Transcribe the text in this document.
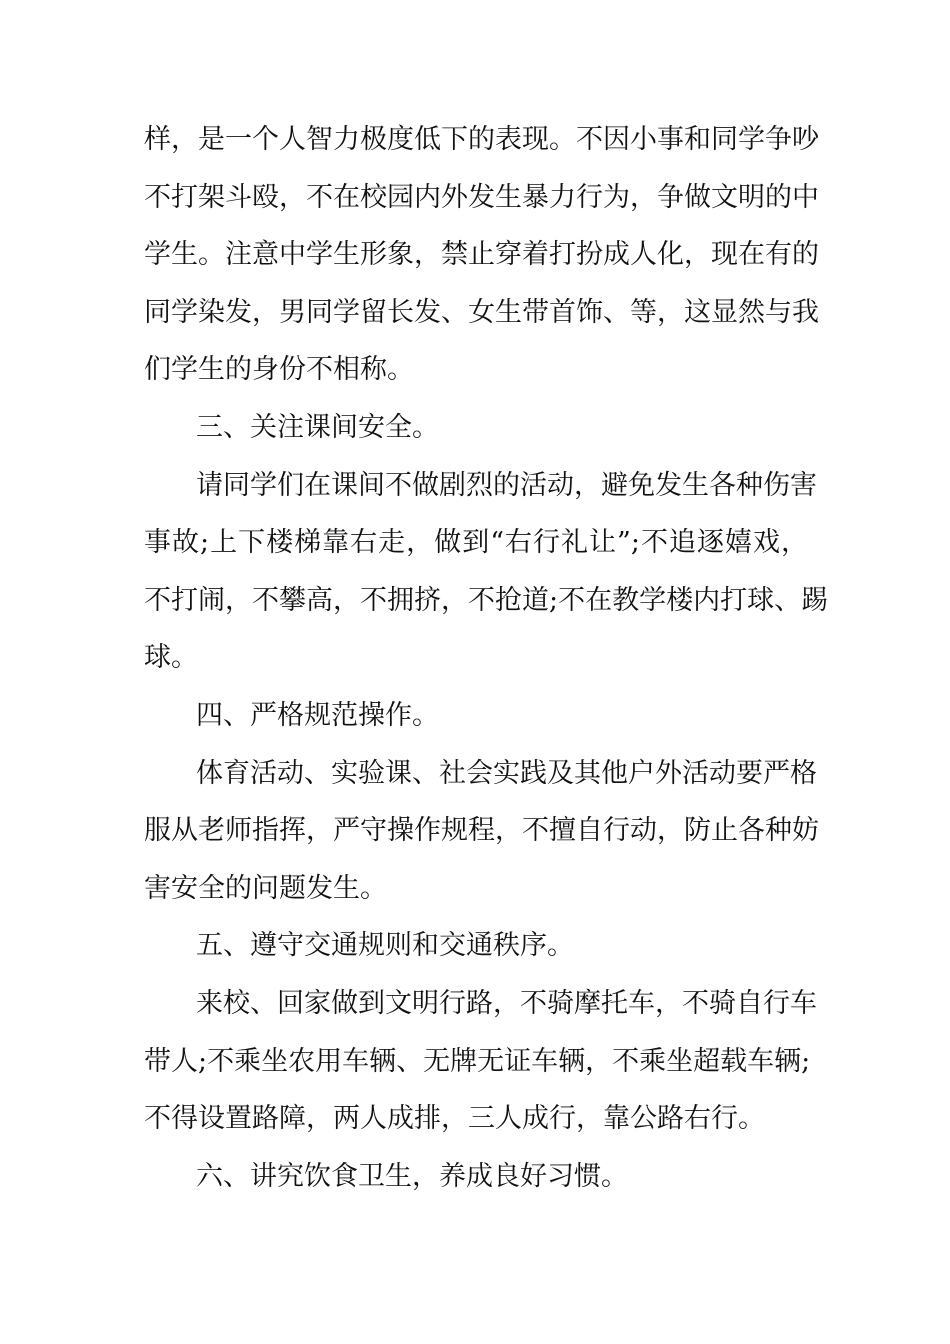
样，是一个人智力极度低下的表现。不因小事和同学争吵
不打架斗殴，不在校园内外发生暴力行为，争做文明的中
学生。注意中学生形象，禁止穿着打扮成人化，现在有的
同学染发，男同学留长发、女生带首饰、等，这显然与我
们学生的身份不相称。
三、关注课间安全。
请同学们在课间不做剧烈的活动，避免发生各种伤害
事故;上下楼梯靠右走，做到“右行礼让”;不追逐嬉戏，
不打闹，不攀高，不拥挤，不抢道;不在教学楼内打球、踢
球。
四、严格规范操作。
体育活动、实验课、社会实践及其他户外活动要严格
服从老师指挥，严守操作规程，不擅自行动，防止各种妨
害安全的问题发生。
五、遵守交通规则和交通秩序。
来校、回家做到文明行路，不骑摩托车，不骑自行车
带人;不乘坐农用车辆、无牌无证车辆，不乘坐超载车辆;
不得设置路障，两人成排，三人成行，靠公路右行。
六、讲究饮食卫生，养成良好习惯。
